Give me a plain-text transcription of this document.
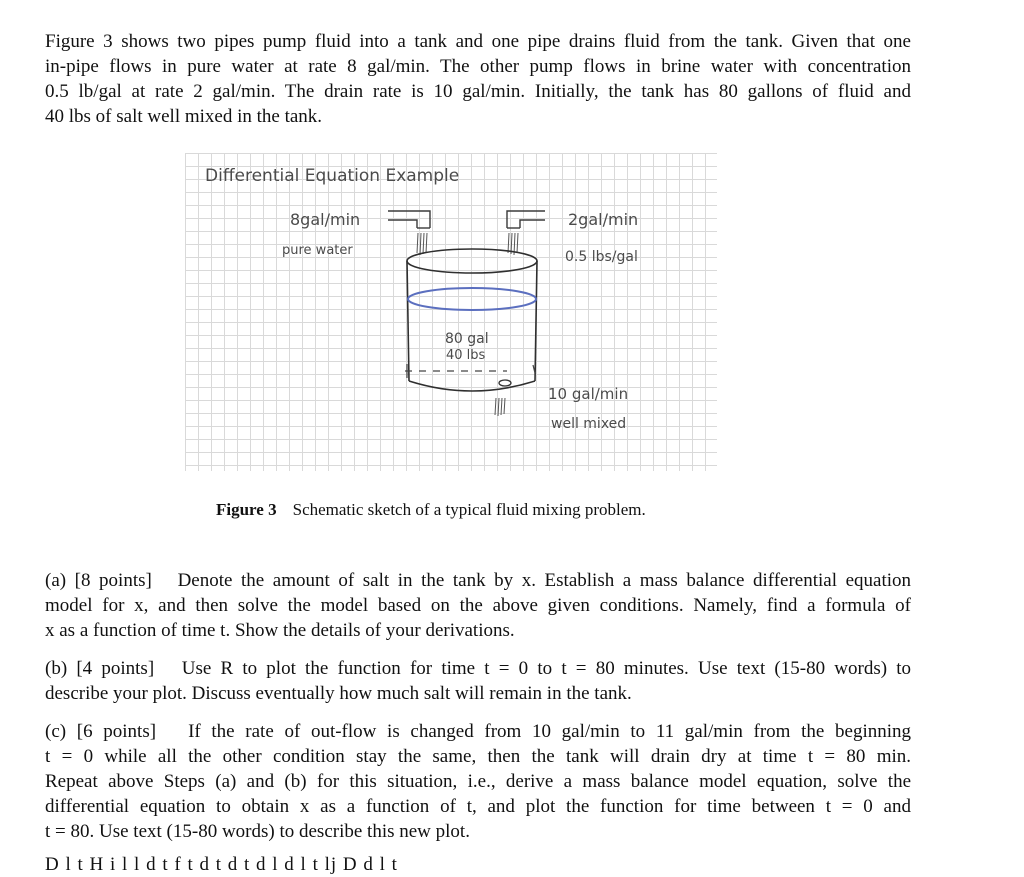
Figure 3 shows two pipes pump fluid into a tank and one pipe drains fluid from the tank. Given that one
in-pipe flows in pure water at rate 8 gal/min. The other pump flows in brine water with concentration
0.5 lb/gal at rate 2 gal/min. The drain rate is 10 gal/min. Initially, the tank has 80 gallons of fluid and
40 lbs of salt well mixed in the tank.
Differential Equation Example
8gal/min
pure water
2gal/min
0.5 lbs/gal
80 gal
40 lbs
10 gal/min
well mixed
Figure 3 Schematic sketch of a typical fluid mixing problem.
(a) [8 points] Denote the amount of salt in the tank by x. Establish a mass balance differential equation
model for x, and then solve the model based on the above given conditions. Namely, find a formula of
x as a function of time t. Show the details of your derivations.
(b) [4 points] Use R to plot the function for time t = 0 to t = 80 minutes. Use text (15-80 words) to
describe your plot. Discuss eventually how much salt will remain in the tank.
(c) [6 points] If the rate of out-flow is changed from 10 gal/min to 11 gal/min from the beginning
t = 0 while all the other condition stay the same, then the tank will drain dry at time t = 80 min.
Repeat above Steps (a) and (b) for this situation, i.e., derive a mass balance model equation, solve the
differential equation to obtain x as a function of t, and plot the function for time between t = 0 and
t = 80. Use text (15-80 words) to describe this new plot.
D l t H i l l d t f t d t d t d l d l t lj D d l t
